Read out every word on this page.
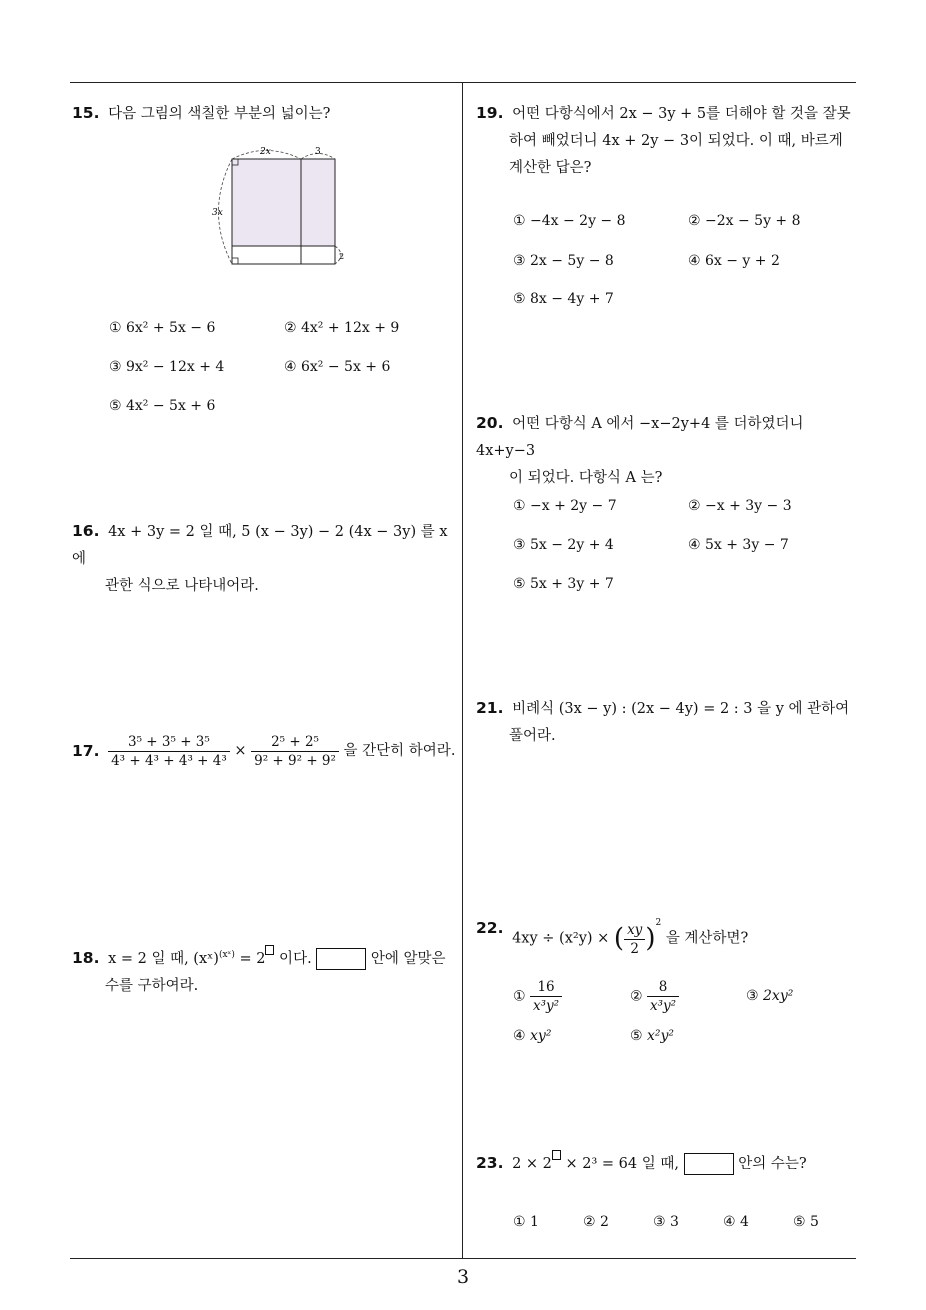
15. 다음 그림의 색칠한 부분의 넓이는?
2x	3
3x
2
① 6x² + 5x − 6	② 4x² + 12x + 9
③ 9x² − 12x + 4	④ 6x² − 5x + 6
⑤ 4x² − 5x + 6
16. 4x + 3y = 2 일 때, 5 (x − 3y) − 2 (4x − 3y) 를 x 에
관한 식으로 나타내어라.
17. $\frac{\text{3⁵ + 3⁵ + 3⁵}}{\text{4³ + 4³ + 4³ + 4³}} \times \frac{\text{2⁵ + 2⁵}}{\text{9² + 9² + 9²}}$ 을 간단히 하여라.
18. x = 2 일 때, (xˣ)$^{(xˣ)}$ = 2 이다.	안에 알맞은
수를 구하여라.
19. 어떤 다항식에서 2x − 3y + 5를 더해야 할 것을 잘못
하여 빼었더니 4x + 2y − 3이 되었다. 이 때, 바르게
계산한 답은?
① −4x − 2y − 8	② −2x − 5y + 8
③ 2x − 5y − 8	④ 6x − y + 2
⑤ 8x − 4y + 7
20. 어떤 다항식 A 에서 −x−2y+4 를 더하였더니 4x+y−3
이 되었다. 다항식 A 는?
① −x + 2y − 7	② −x + 3y − 3
③ 5x − 2y + 4	④ 5x + 3y − 7
⑤ 5x + 3y + 7
21. 비례식 (3x − y) : (2x − 4y) = 2 : 3 을 y 에 관하여
풀어라.
22. 4xy ÷ (x²y) × ( $\frac{xy}{2} )^2$ 을 계산하면?
① $\frac{16}{\text{x³y²}}$	② $\frac{8}{\text{x³y²}}$	③ 2xy²
④ xy²	⑤ x²y²
23. 2 × 2 × 2³ = 64 일 때,	안의 수는?
① 1	② 2	③ 3	④ 4	⑤ 5
3
